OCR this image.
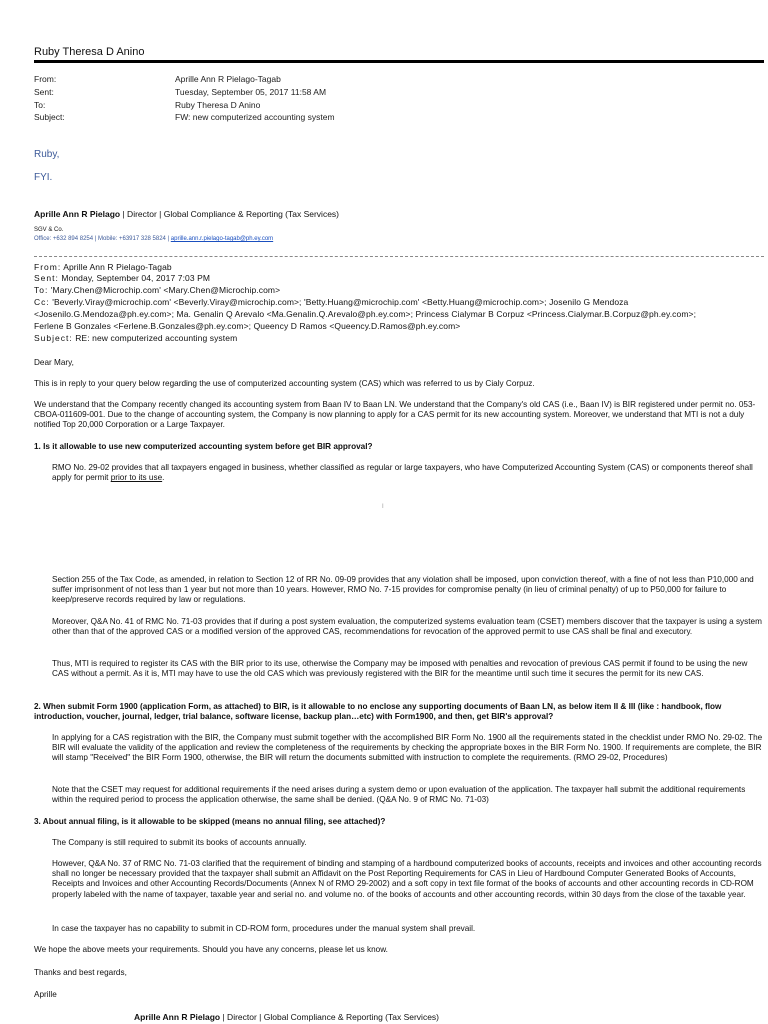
Ruby Theresa D Anino
From:	Aprille Ann R Pielago-Tagab
Sent:	Tuesday, September 05, 2017 11:58 AM
To:	Ruby Theresa D Anino
Subject:	FW: new computerized accounting system
Ruby,
FYI.
Aprille Ann R Pielago | Director | Global Compliance & Reporting (Tax Services)
SGV & Co.
Office: +632 894 8254 | Mobile: +63917 328 5824 | aprille.ann.r.pielago-tagab@ph.ey.com
From: Aprille Ann R Pielago-Tagab
Sent: Monday, September 04, 2017 7:03 PM
To: 'Mary.Chen@Microchip.com' <Mary.Chen@Microchip.com>
Cc: 'Beverly.Viray@microchip.com' <Beverly.Viray@microchip.com>; 'Betty.Huang@microchip.com' <Betty.Huang@microchip.com>; Josenilo G Mendoza
<Josenilo.G.Mendoza@ph.ey.com>; Ma. Genalin Q Arevalo <Ma.Genalin.Q.Arevalo@ph.ey.com>; Princess Cialymar B Corpuz <Princess.Cialymar.B.Corpuz@ph.ey.com>;
Ferlene B Gonzales <Ferlene.B.Gonzales@ph.ey.com>; Queency D Ramos <Queency.D.Ramos@ph.ey.com>
Subject: RE: new computerized accounting system
Dear Mary,
This is in reply to your query below regarding the use of computerized accounting system (CAS) which was referred to us by Cialy Corpuz.
We understand that the Company recently changed its accounting system from Baan IV to Baan LN. We understand that the Company's old CAS (i.e., Baan IV) is BIR registered under permit no. 053-CBOA-011609-001. Due to the change of accounting system, the Company is now planning to apply for a CAS permit for its new accounting system. Moreover, we understand that MTI is not a duly notified Top 20,000 Corporation or a Large Taxpayer.
1. Is it allowable to use new computerized accounting system before get BIR approval?
RMO No. 29-02 provides that all taxpayers engaged in business, whether classified as regular or large taxpayers, who have Computerized Accounting System (CAS) or components thereof shall apply for permit prior to its use.
I
Section 255 of the Tax Code, as amended, in relation to Section 12 of RR No. 09-09 provides that any violation shall be imposed, upon conviction thereof, with a fine of not less than P10,000 and suffer imprisonment of not less than 1 year but not more than 10 years. However, RMO No. 7-15 provides for compromise penalty (in lieu of criminal penalty) of up to P50,000 for failure to keep/preserve records required by law or regulations.
Moreover, Q&A No. 41 of RMC No. 71-03 provides that if during a post system evaluation, the computerized systems evaluation team (CSET) members discover that the taxpayer is using a system other than that of the approved CAS or a modified version of the approved CAS, recommendations for revocation of the approved permit to use CAS shall be final and executory.
Thus, MTI is required to register its CAS with the BIR prior to its use, otherwise the Company may be imposed with penalties and revocation of previous CAS permit if found to be using the new CAS without a permit. As it is, MTI may have to use the old CAS which was previously registered with the BIR for the meantime until such time it secures the permit for its new CAS.
2. When submit Form 1900 (application Form, as attached) to BIR, is it allowable to no enclose any supporting documents of Baan LN, as below item II & III (like : handbook, flow introduction, voucher, journal, ledger, trial balance, software license, backup plan…etc) with Form1900, and then, get BIR's approval?
In applying for a CAS registration with the BIR, the Company must submit together with the accomplished BIR Form No. 1900 all the requirements stated in the checklist under RMO No. 29-02. The BIR will evaluate the validity of the application and review the completeness of the requirements by checking the appropriate boxes in the BIR Form No. 1900. If requirements are complete, the BIR will stamp "Received" the BIR Form 1900, otherwise, the BIR will return the documents submitted with instruction to complete the requirements. (RMO 29-02, Procedures)
Note that the CSET may request for additional requirements if the need arises during a system demo or upon evaluation of the application. The taxpayer hall submit the additional requirements within the required period to process the application otherwise, the same shall be denied. (Q&A No. 9 of RMC No. 71-03)
3. About annual filing, is it allowable to be skipped (means no annual filing, see attached)?
The Company is still required to submit its books of accounts annually.
However, Q&A No. 37 of RMC No. 71-03 clarified that the requirement of binding and stamping of a hardbound computerized books of accounts, receipts and invoices and other accounting records shall no longer be necessary provided that the taxpayer shall submit an Affidavit on the Post Reporting Requirements for CAS in Lieu of Hardbound Computer Generated Books of Accounts, Receipts and Invoices and other Accounting Records/Documents (Annex N of RMO 29-2002) and a soft copy in text file format of the books of accounts and other accounting records in CD-ROM properly labeled with the name of taxpayer, taxable year and serial no. and volume no. of the books of accounts and other accounting records, within 30 days from the close of the taxable year.
In case the taxpayer has no capability to submit in CD-ROM form, procedures under the manual system shall prevail.
We hope the above meets your requirements. Should you have any concerns, please let us know.
Thanks and best regards,
Aprille
Aprille Ann R Pielago | Director | Global Compliance & Reporting (Tax Services)
